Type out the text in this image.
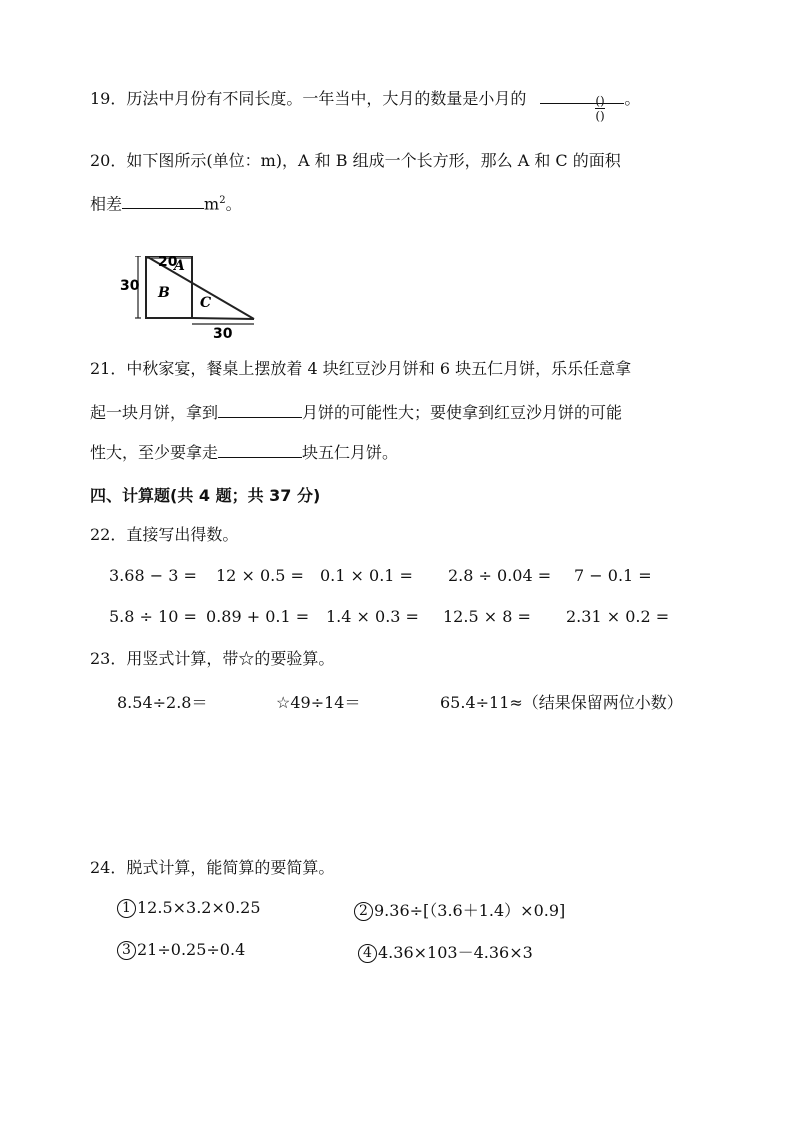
19．历法中月份有不同长度。一年当中，大月的数量是小月的	。
()
()
20．如下图所示(单位：m)，A 和 B 组成一个长方形，那么 A 和 C 的面积
相差	$m^2$。
20
30
30
A
B
C
21．中秋家宴，餐桌上摆放着 4 块红豆沙月饼和 6 块五仁月饼，乐乐任意拿
起一块月饼，拿到	月饼的可能性大；要使拿到红豆沙月饼的可能
性大，至少要拿走	块五仁月饼。
四、计算题(共 4 题；共 37 分)
22．直接写出得数。
3.68 − 3 = 12 × 0.5 = 0.1 × 0.1 = 2.8 ÷ 0.04 = 7 − 0.1 =
5.8 ÷ 10 = 0.89 + 0.1 = 1.4 × 0.3 = 12.5 × 8 = 2.31 × 0.2 =
23．用竖式计算，带☆的要验算。
8.54÷2.8＝	☆49÷14＝	65.4÷11≈（结果保留两位小数）
24．脱式计算，能简算的要简算。
1 12.5×3.2×0.25	2 9.36÷[（3.6＋1.4）×0.9]
3 21÷0.25÷0.4	4 4.36×103－4.36×3
